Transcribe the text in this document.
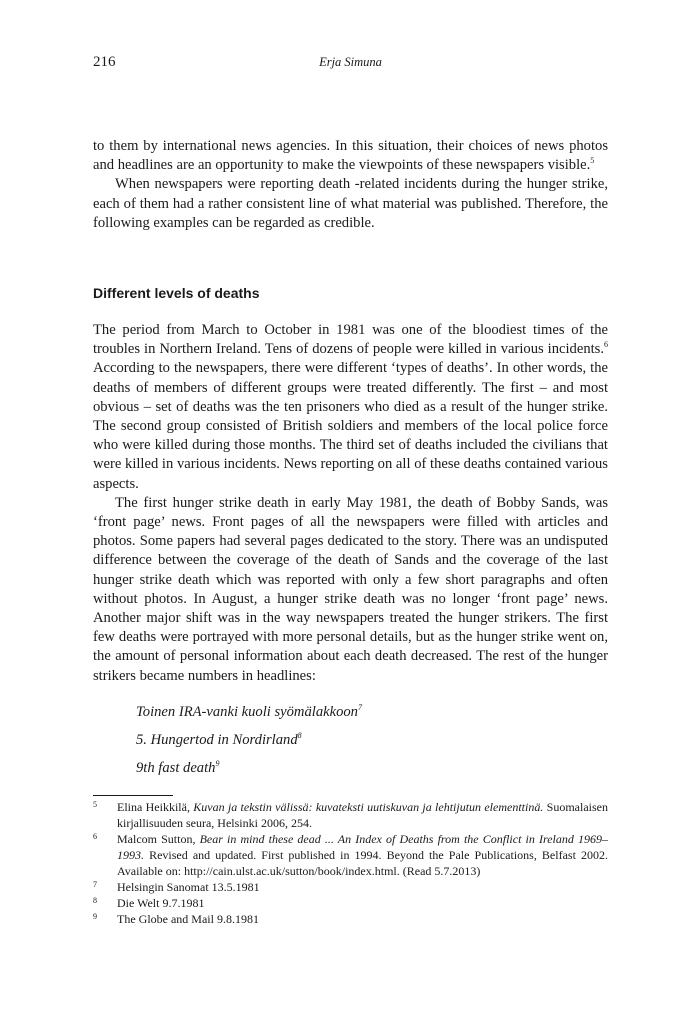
216	Erja Simuna

to them by international news agencies. In this situation, their choices of news photos and headlines are an opportunity to make the viewpoints of these newspapers visible.$^5$

When newspapers were reporting death -related incidents during the hunger strike, each of them had a rather consistent line of what material was published. Therefore, the following examples can be regarded as credible.

Different levels of deaths

The period from March to October in 1981 was one of the bloodiest times of the troubles in Northern Ireland. Tens of dozens of people were killed in various incidents.$^6$ According to the newspapers, there were different ‘types of deaths’. In other words, the deaths of members of different groups were treated differently. The first – and most obvious – set of deaths was the ten prisoners who died as a result of the hunger strike. The second group consisted of British soldiers and members of the local police force who were killed during those months. The third set of deaths included the civilians that were killed in various incidents. News reporting on all of these deaths contained various aspects.

The first hunger strike death in early May 1981, the death of Bobby Sands, was ‘front page’ news. Front pages of all the newspapers were filled with articles and photos. Some papers had several pages dedicated to the story. There was an undisputed difference between the coverage of the death of Sands and the coverage of the last hunger strike death which was reported with only a few short paragraphs and often without photos. In August, a hunger strike death was no longer ‘front page’ news. Another major shift was in the way newspapers treated the hunger strikers. The first few deaths were portrayed with more personal details, but as the hunger strike went on, the amount of personal information about each death decreased. The rest of the hunger strikers became numbers in headlines:

Toinen IRA-vanki kuoli syömälakkoon$^7$
5. Hungertod in Nordirland$^8$
9th fast death$^9$
5 Elina Heikkilä, Kuvan ja tekstin välissä: kuvateksti uutiskuvan ja lehtijutun elementtinä. Suomalaisen kirjallisuuden seura, Helsinki 2006, 254.
6 Malcom Sutton, Bear in mind these dead ... An Index of Deaths from the Conflict in Ireland 1969–1993. Revised and updated. First published in 1994. Beyond the Pale Publications, Belfast 2002. Available on: http://cain.ulst.ac.uk/sutton/book/index.html. (Read 5.7.2013)
7 Helsingin Sanomat 13.5.1981
8 Die Welt 9.7.1981
9 The Globe and Mail 9.8.1981
